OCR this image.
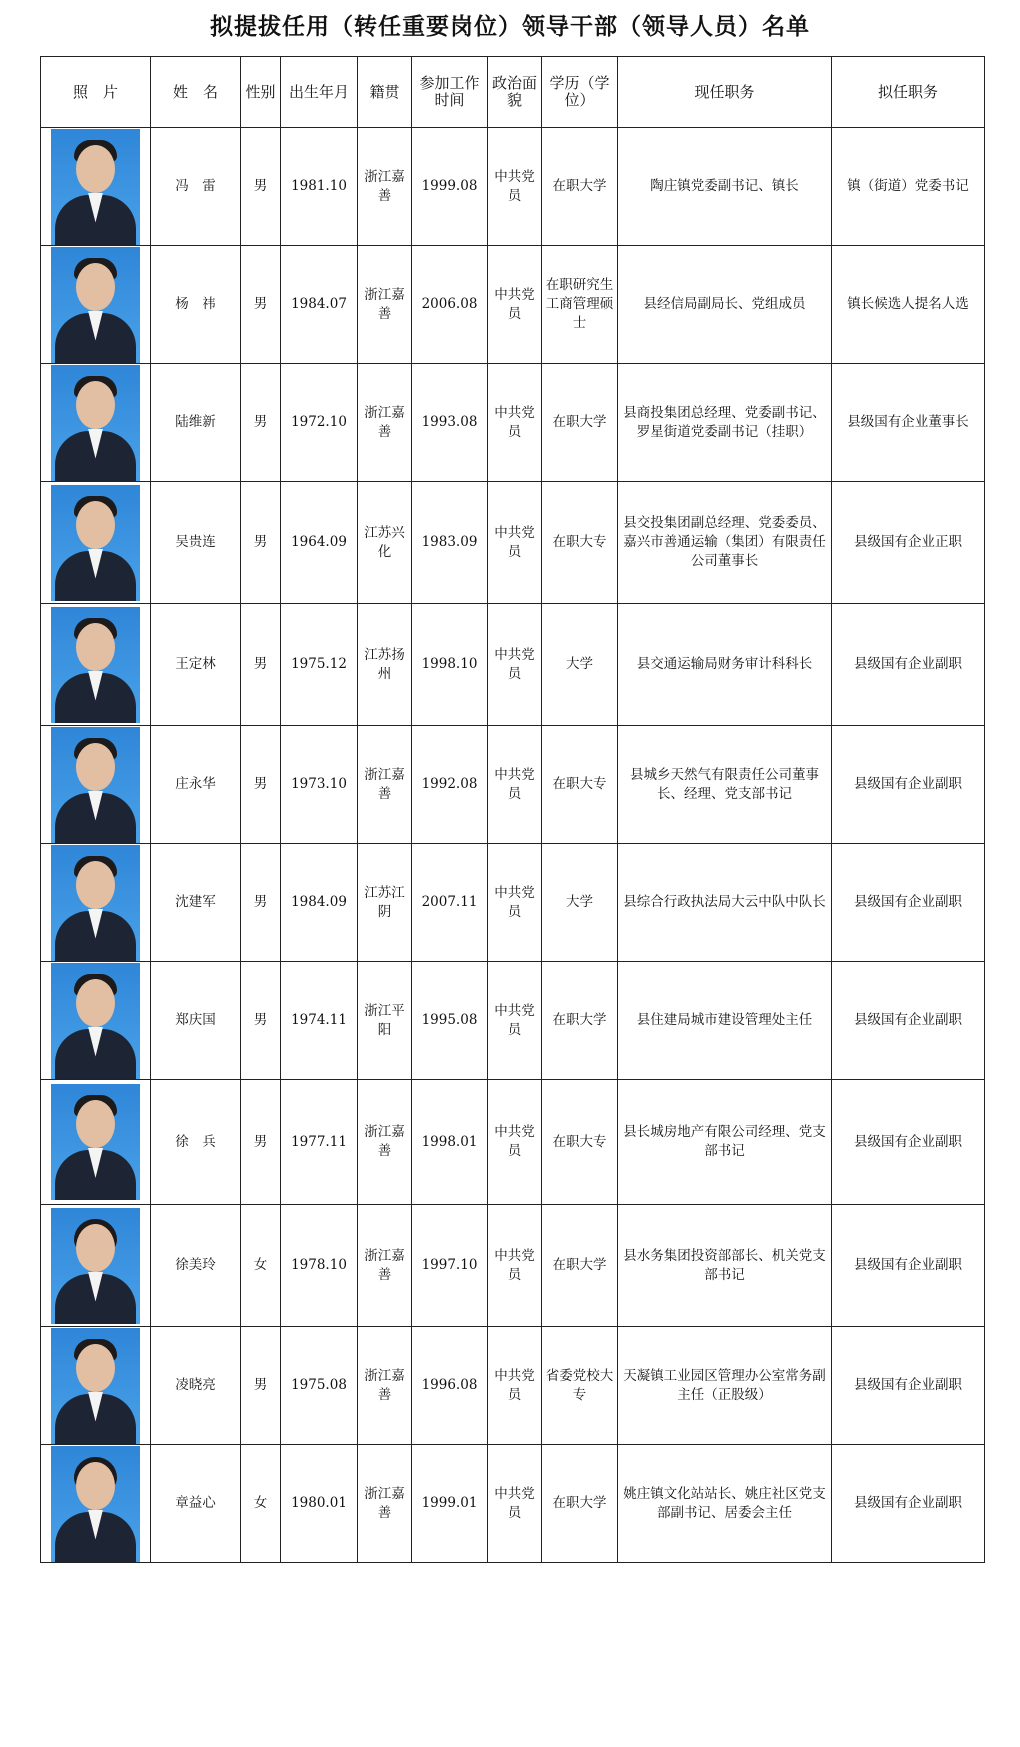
拟提拔任用（转任重要岗位）领导干部（领导人员）名单
照　片	姓　名	性别	出生年月	籍贯	参加工作时间	政治面貌	学历（学位）	现任职务	拟任职务

	冯　雷	男	1981.10	浙江嘉善	1999.08	中共党员	在职大学	陶庄镇党委副书记、镇长	镇（街道）党委书记

	杨　祎	男	1984.07	浙江嘉善	2006.08	中共党员	在职研究生工商管理硕士	县经信局副局长、党组成员	镇长候选人提名人选

	陆维新	男	1972.10	浙江嘉善	1993.08	中共党员	在职大学	县商投集团总经理、党委副书记、罗星街道党委副书记（挂职）	县级国有企业董事长

	吴贵连	男	1964.09	江苏兴化	1983.09	中共党员	在职大专	县交投集团副总经理、党委委员、嘉兴市善通运输（集团）有限责任公司董事长	县级国有企业正职

	王定林	男	1975.12	江苏扬州	1998.10	中共党员	大学	县交通运输局财务审计科科长	县级国有企业副职

	庄永华	男	1973.10	浙江嘉善	1992.08	中共党员	在职大专	县城乡天然气有限责任公司董事长、经理、党支部书记	县级国有企业副职

	沈建军	男	1984.09	江苏江阴	2007.11	中共党员	大学	县综合行政执法局大云中队中队长	县级国有企业副职

	郑庆国	男	1974.11	浙江平阳	1995.08	中共党员	在职大学	县住建局城市建设管理处主任	县级国有企业副职

	徐　兵	男	1977.11	浙江嘉善	1998.01	中共党员	在职大专	县长城房地产有限公司经理、党支部书记	县级国有企业副职

	徐美玲	女	1978.10	浙江嘉善	1997.10	中共党员	在职大学	县水务集团投资部部长、机关党支部书记	县级国有企业副职

	凌晓亮	男	1975.08	浙江嘉善	1996.08	中共党员	省委党校大专	天凝镇工业园区管理办公室常务副主任（正股级）	县级国有企业副职

	章益心	女	1980.01	浙江嘉善	1999.01	中共党员	在职大学	姚庄镇文化站站长、姚庄社区党支部副书记、居委会主任	县级国有企业副职
